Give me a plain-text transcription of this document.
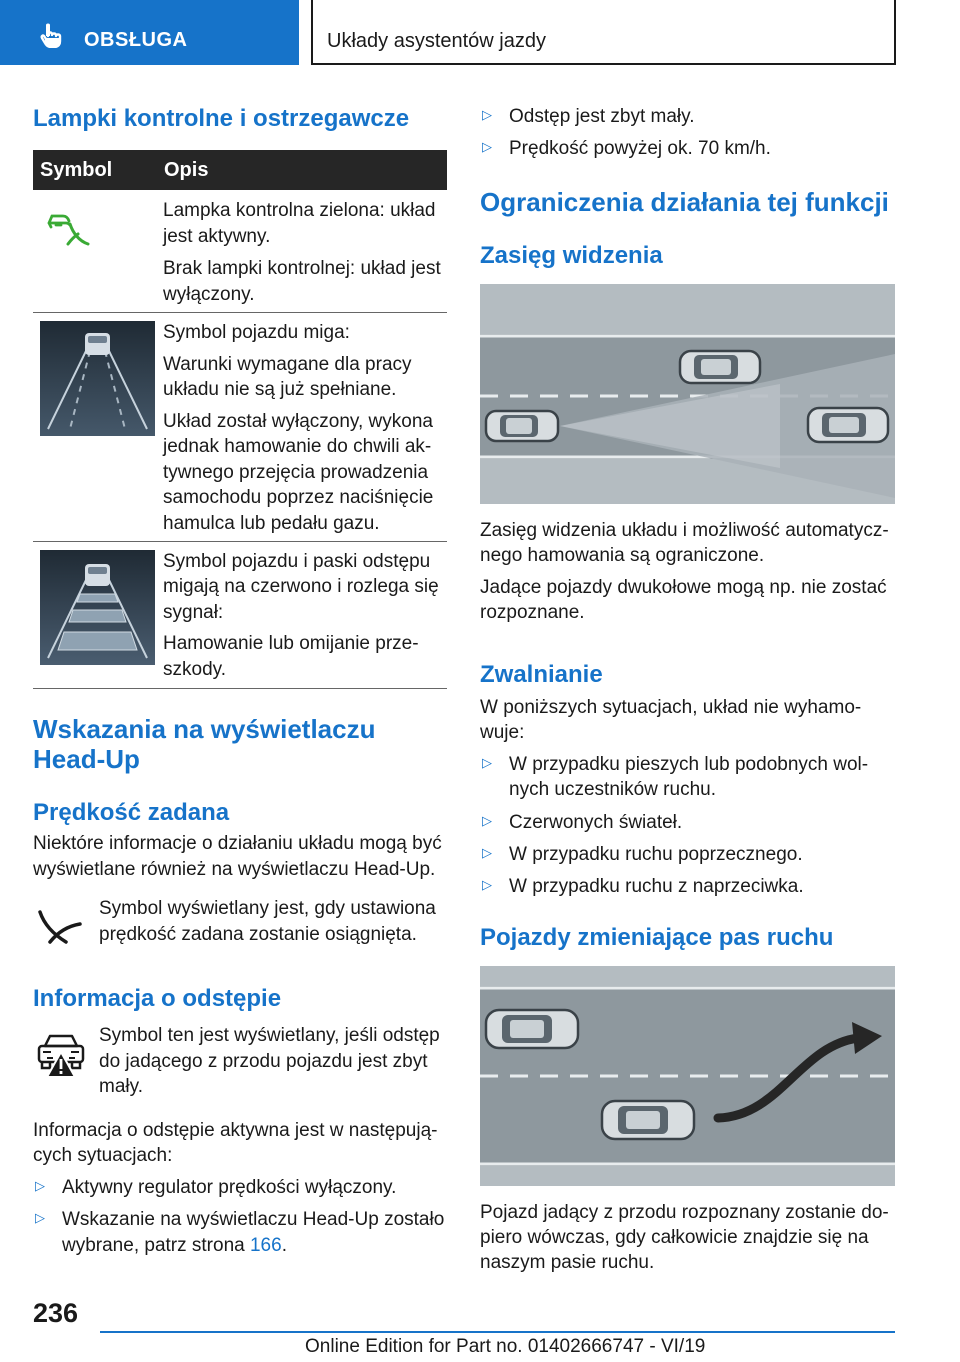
OBSŁUGA	Układy asystentów jazdy
Lampki kontrolne i ostrzegawcze
Symbol	Opis
Lampka kontrolna zielona: układ
jest aktywny.
Brak lampki kontrolnej: układ jest
wyłączony.
Symbol pojazdu miga:
Warunki wymagane dla pracy
układu nie są już spełniane.
Układ został wyłączony, wykona
jednak hamowanie do chwili ak-
tywnego przejęcia prowadzenia
samochodu poprzez naciśnięcie
hamulca lub pedału gazu.
Symbol pojazdu i paski odstępu
migają na czerwono i rozlega się
sygnał:
Hamowanie lub omijanie prze-
szkody.
Wskazania na wyświetlaczu
Head-Up
Prędkość zadana
Niektóre informacje o działaniu układu mogą być
wyświetlane również na wyświetlaczu Head-Up.
Symbol wyświetlany jest, gdy ustawiona
prędkość zadana zostanie osiągnięta.
Informacja o odstępie
Symbol ten jest wyświetlany, jeśli odstęp
do jadącego z przodu pojazdu jest zbyt
mały.
Informacja o odstępie aktywna jest w następują-
cych sytuacjach:
▷ Aktywny regulator prędkości wyłączony.
▷ Wskazanie na wyświetlaczu Head-Up zostało
wybrane, patrz strona 166.
▷ Odstęp jest zbyt mały.
▷ Prędkość powyżej ok. 70 km/h.
Ograniczenia działania tej funkcji
Zasięg widzenia
Zasięg widzenia układu i możliwość automatycz-
nego hamowania są ograniczone.
Jadące pojazdy dwukołowe mogą np. nie zostać
rozpoznane.
Zwalnianie
W poniższych sytuacjach, układ nie wyhamo-
wuje:
▷ W przypadku pieszych lub podobnych wol-
nych uczestników ruchu.
▷ Czerwonych świateł.
▷ W przypadku ruchu poprzecznego.
▷ W przypadku ruchu z naprzeciwka.
Pojazdy zmieniające pas ruchu
Pojazd jadący z przodu rozpoznany zostanie do-
piero wówczas, gdy całkowicie znajdzie się na
naszym pasie ruchu.
236
Online Edition for Part no. 01402666747 - VI/19
